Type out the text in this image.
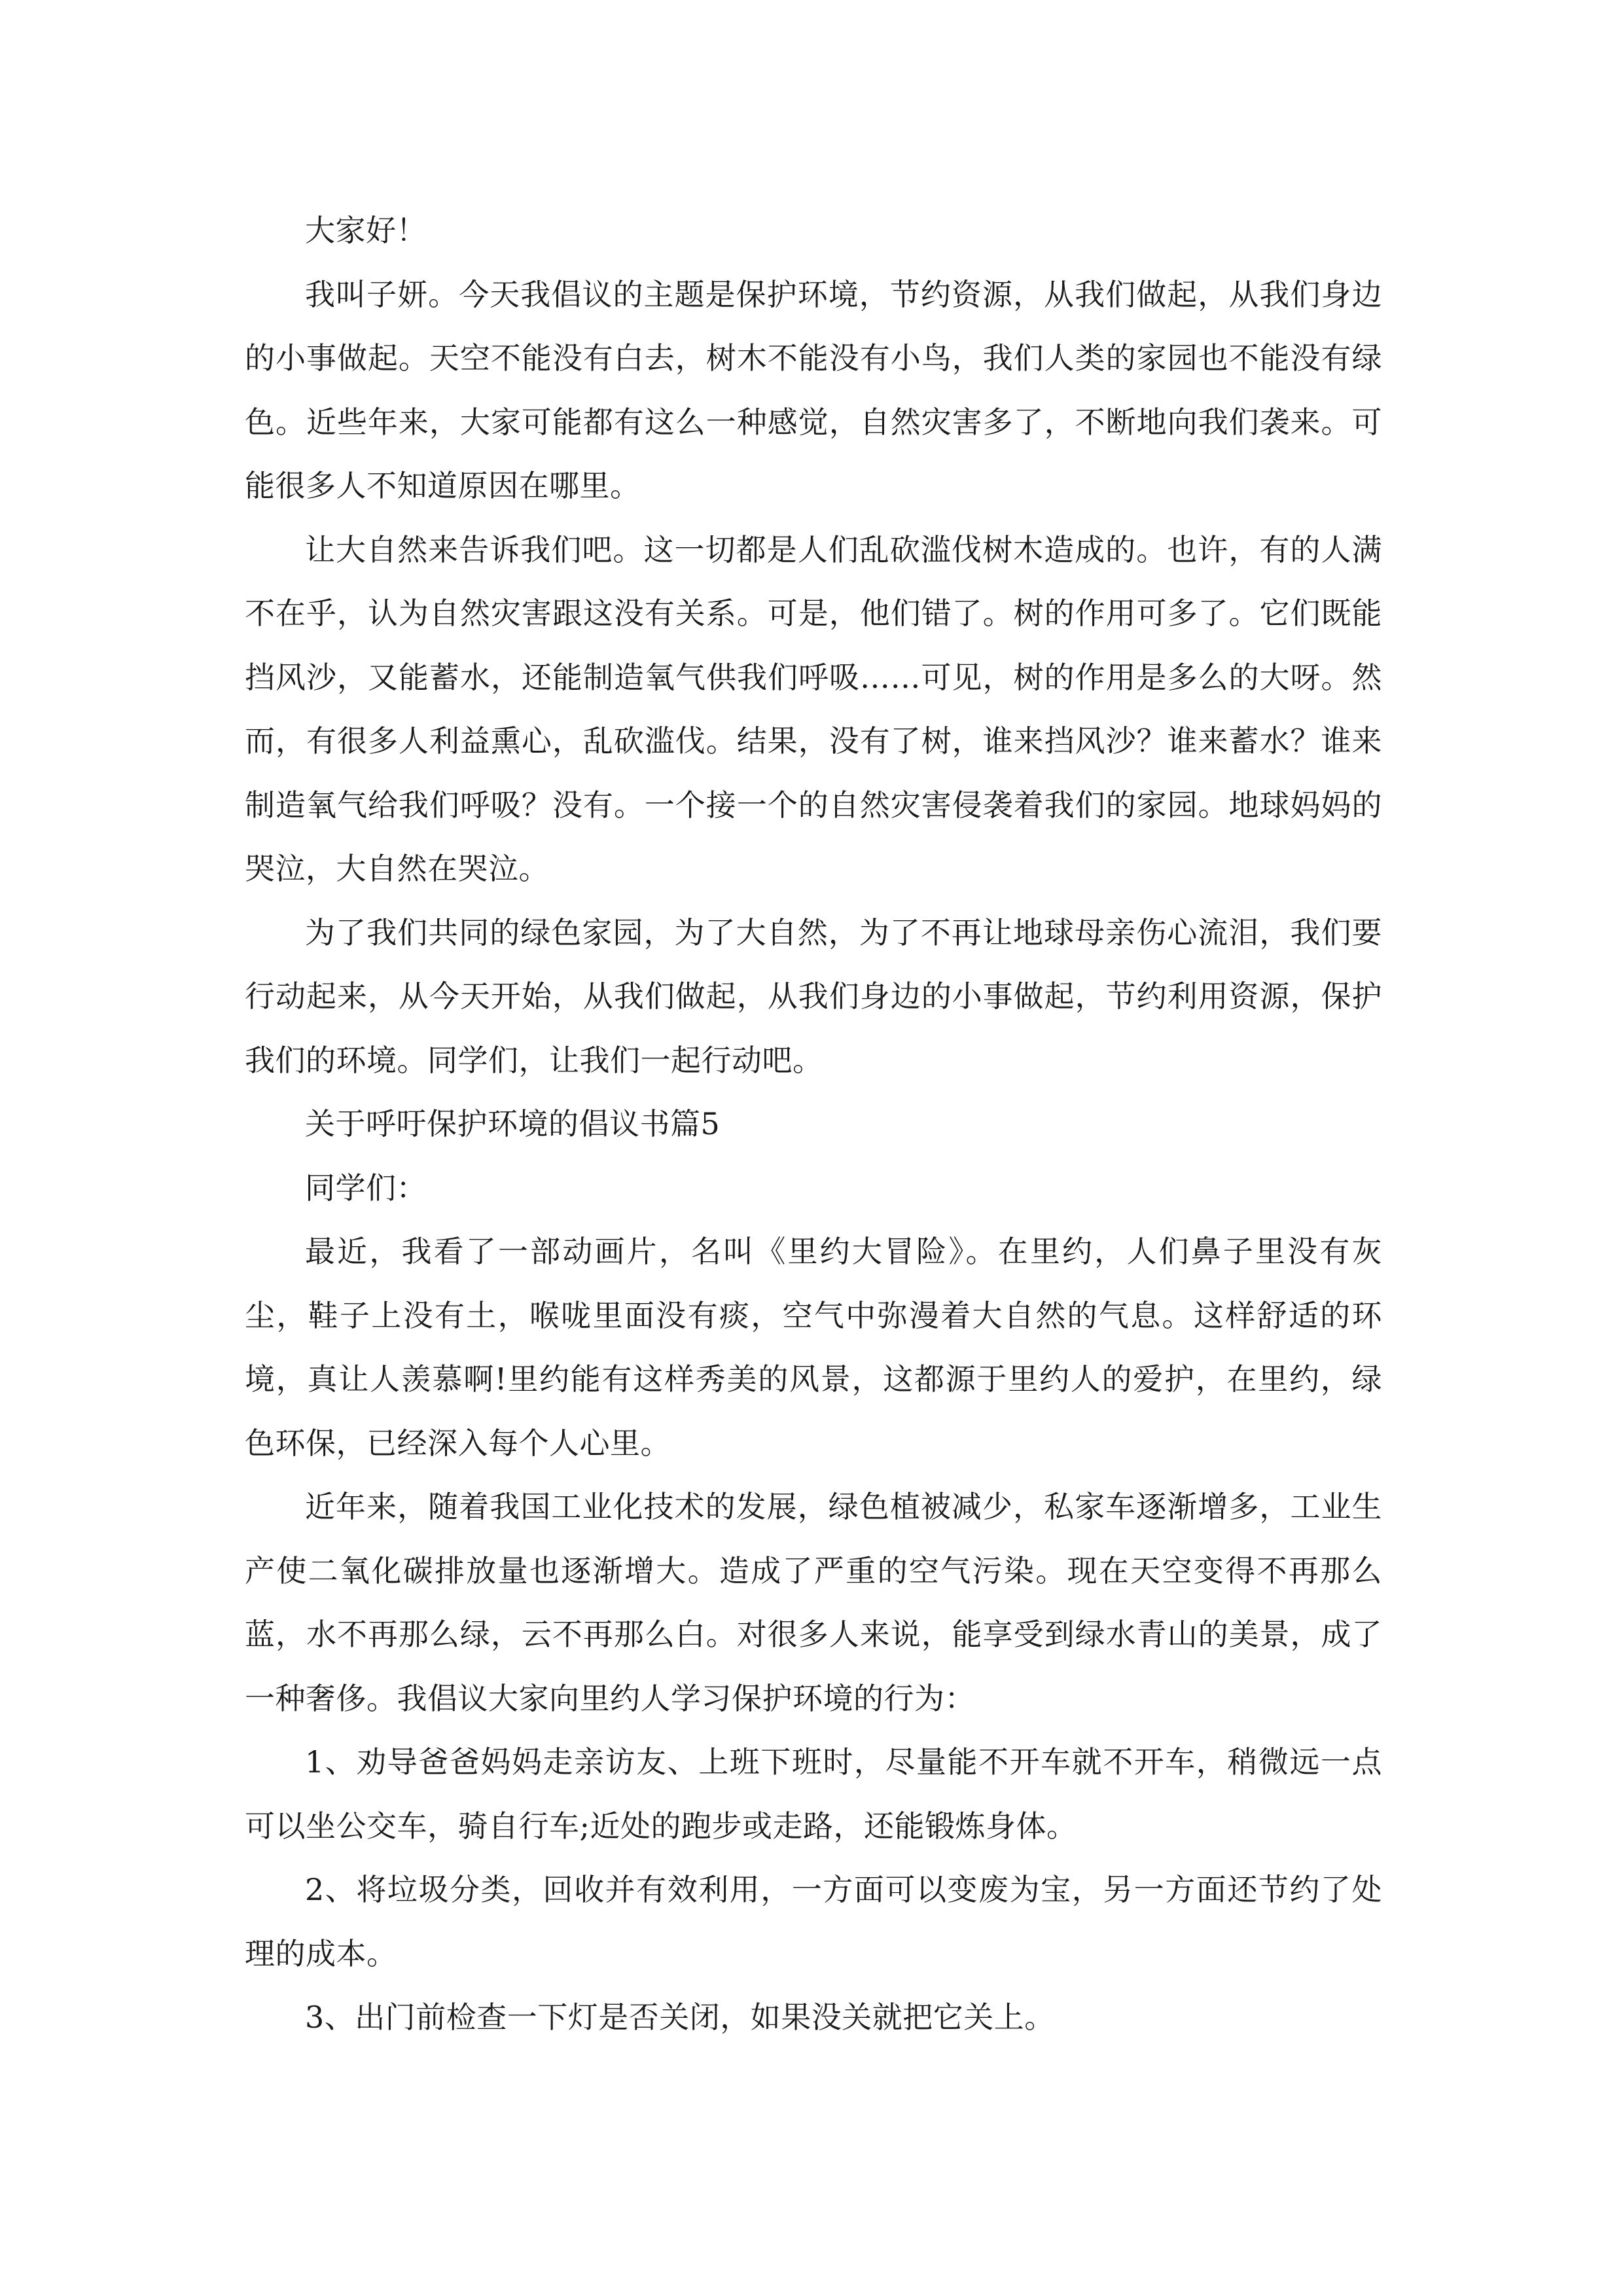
大家好！

我叫子妍。今天我倡议的主题是保护环境，节约资源，从我们做起，从我们身边的小事做起。天空不能没有白去，树木不能没有小鸟，我们人类的家园也不能没有绿色。近些年来，大家可能都有这么一种感觉，自然灾害多了，不断地向我们袭来。可能很多人不知道原因在哪里。

让大自然来告诉我们吧。这一切都是人们乱砍滥伐树木造成的。也许，有的人满不在乎，认为自然灾害跟这没有关系。可是，他们错了。树的作用可多了。它们既能挡风沙，又能蓄水，还能制造氧气供我们呼吸……可见，树的作用是多么的大呀。然而，有很多人利益熏心，乱砍滥伐。结果，没有了树，谁来挡风沙？谁来蓄水？谁来制造氧气给我们呼吸？没有。一个接一个的自然灾害侵袭着我们的家园。地球妈妈的哭泣，大自然在哭泣。

为了我们共同的绿色家园，为了大自然，为了不再让地球母亲伤心流泪，我们要行动起来，从今天开始，从我们做起，从我们身边的小事做起，节约利用资源，保护我们的环境。同学们，让我们一起行动吧。

关于呼吁保护环境的倡议书篇5

同学们：

最近，我看了一部动画片，名叫《里约大冒险》。在里约，人们鼻子里没有灰尘，鞋子上没有土，喉咙里面没有痰，空气中弥漫着大自然的气息。这样舒适的环境，真让人羡慕啊!里约能有这样秀美的风景，这都源于里约人的爱护，在里约，绿色环保，已经深入每个人心里。

近年来，随着我国工业化技术的发展，绿色植被减少，私家车逐渐增多，工业生产使二氧化碳排放量也逐渐增大。造成了严重的空气污染。现在天空变得不再那么蓝，水不再那么绿，云不再那么白。对很多人来说，能享受到绿水青山的美景，成了一种奢侈。我倡议大家向里约人学习保护环境的行为：

1、劝导爸爸妈妈走亲访友、上班下班时，尽量能不开车就不开车，稍微远一点可以坐公交车，骑自行车;近处的跑步或走路，还能锻炼身体。

2、将垃圾分类，回收并有效利用，一方面可以变废为宝，另一方面还节约了处理的成本。

3、出门前检查一下灯是否关闭，如果没关就把它关上。
